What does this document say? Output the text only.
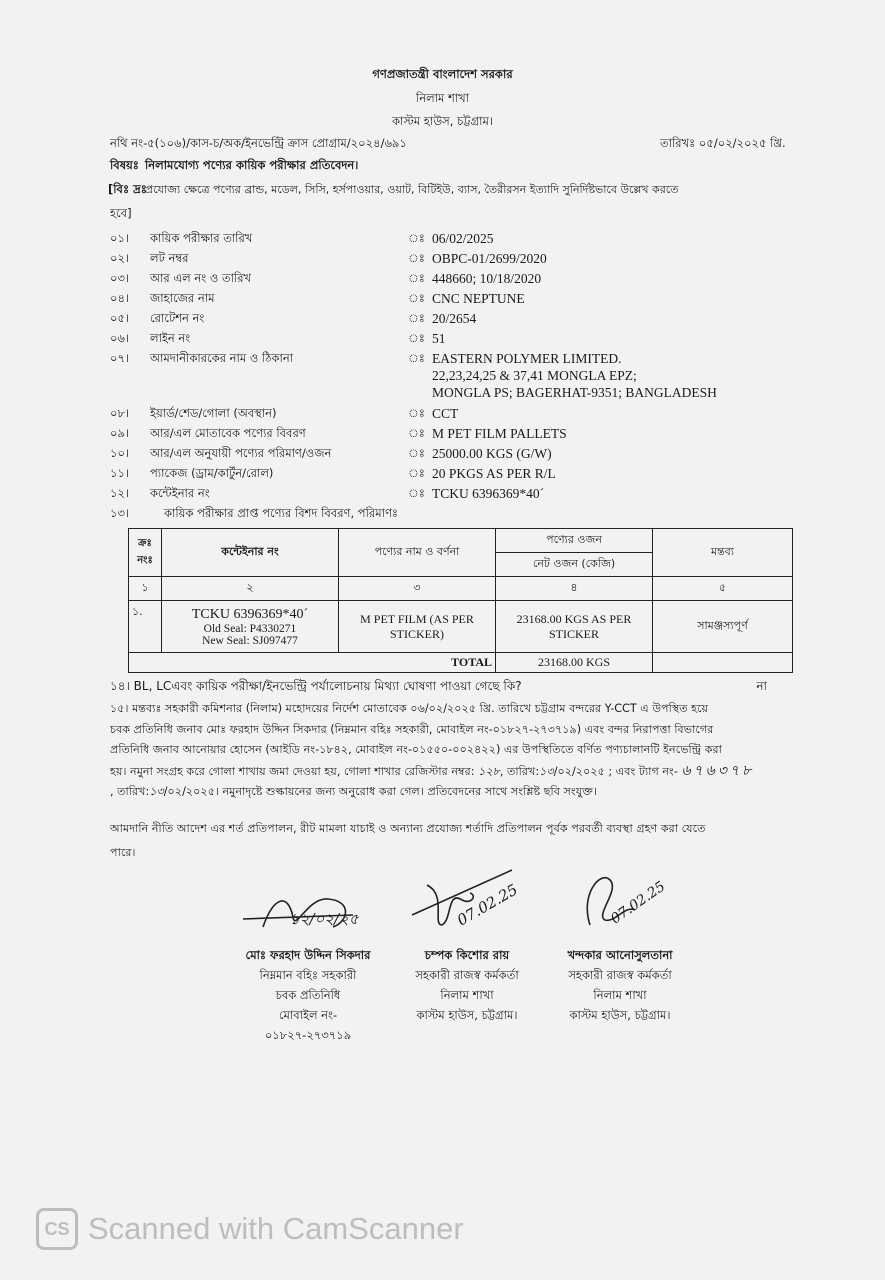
গণপ্রজাতন্ত্রী বাংলাদেশ সরকার
নিলাম শাখা
কাস্টম হাউস, চট্টগ্রাম।
নথি নং-৫(১০৬)/কাস-চ/অক/ইনভেন্ট্রি ক্রাস প্রোগ্রাম/২০২৪/৬৯১	তারিখঃ ০৫/০২/২০২৫ খ্রি.
বিষয়ঃ নিলামযোগ্য পণ্যের কায়িক পরীক্ষার প্রতিবেদন।
[বিঃ দ্রঃ
প্রযোজ্য ক্ষেত্রে পণ্যের ব্রান্ড, মডেল, সিসি, হর্সপাওয়ার, ওয়াট, বিটিইউ, ব্যাস, তৈরীরসন ইত্যাদি সুনির্দিষ্টভাবে উল্লেখ করতে
হবে]
০১। কায়িক পরীক্ষার তারিখ	ঃ 06/02/2025
০২। লট নম্বর	ঃ OBPC-01/2699/2020
০৩। আর এল নং ও তারিখ	ঃ 448660; 10/18/2020
০৪। জাহাজের নাম	ঃ CNC NEPTUNE
০৫। রোটেশন নং	ঃ 20/2654
০৬। লাইন নং	ঃ 51
০৭। আমদানীকারকের নাম ও ঠিকানা	ঃ EASTERN POLYMER LIMITED.
22,23,24,25 & 37,41 MONGLA EPZ;
MONGLA PS; BAGERHAT-9351; BANGLADESH
০৮। ইয়ার্ড/শেড/গোলা (অবস্থান)	ঃ CCT
০৯। আর/এল মোতাবেক পণ্যের বিবরণ	ঃ M PET FILM PALLETS
১০। আর/এল অনুযায়ী পণ্যের পরিমাণ/ওজন	ঃ 25000.00 KGS (G/W)
১১। প্যাকেজ (ড্রাম/কার্টুন/রোল)	ঃ 20 PKGS AS PER R/L
১২। কন্টেইনার নং	ঃ TCKU 6396369*40´
১৩।	কায়িক পরীক্ষার প্রাপ্ত পণ্যের বিশদ বিবরণ, পরিমাণঃ
ক্রঃ নংঃ	কন্টেইনার নং	পণ্যের নাম ও বর্ণনা	পণ্যের ওজন	মন্তব্য
			নেট ওজন (কেজি)	
১	২	৩	৪	৫
১.	TCKU 6396369*40´
Old Seal: P4330271
New Seal: SJ097477	M PET FILM (AS PER STICKER)	23168.00 KGS AS PER STICKER	সামঞ্জস্যপূর্ণ
TOTAL			23168.00 KGS	
১৪। BL, LCএবং কায়িক পরীক্ষা/ইনভেন্ট্রি পর্যালোচনায় মিথ্যা ঘোষণা পাওয়া গেছে কি?	না
১৫। মন্তব্যঃ সহকারী কমিশনার (নিলাম) মহোদয়ের নির্দেশ মোতাবেক ০৬/০২/২০২৫ খ্রি. তারিখে চট্টগ্রাম বন্দরের Y-CCT এ উপস্থিত হয়ে
চবক প্রতিনিধি জনাব মোঃ ফরহাদ উদ্দিন সিকদার (নিম্নমান বহিঃ সহকারী, মোবাইল নং-০১৮২৭-২৭৩৭১৯) এবং বন্দর নিরাপত্তা বিভাগের
প্রতিনিধি জনাব আনোয়ার হোসেন (আইডি নং-১৮৪২, মোবাইল নং-০১৫৫০-০০২৪২২) এর উপস্থিতিতে বর্ণিত পণ্যচালানটি ইনভেন্ট্রি করা
হয়। নমুনা সংগ্রহ করে গোলা শাখায় জমা দেওয়া হয়, গোলা শাখার রেজিস্টার নম্বর: ১২৮, তারিখ:১৩/০২/২০২৫ ; এবং ট্যাগ নং- ৬৭৬৩৭৮
, তারিখ:১৩/০২/২০২৫। নমুনাদৃষ্টে শুল্কায়নের জন্য অনুরোধ করা গেল। প্রতিবেদনের সাথে সংশ্লিষ্ট ছবি সংযুক্ত।
আমদানি নীতি আদেশ এর শর্ত প্রতিপালন, রীট মামলা যাচাই ও অন্যান্য প্রযোজ্য শর্তাদি প্রতিপালন পূর্বক পরবর্তী ব্যবস্থা গ্রহণ করা যেতে
পারে।
১২/০২/২৫
মোঃ ফরহাদ উদ্দিন সিকদার
নিম্নমান বহিঃ সহকারী
চবক প্রতিনিধি
মোবাইল নং-
০১৮২৭-২৭৩৭১৯
07.02.25
চম্পক কিশোর রায়
সহকারী রাজস্ব কর্মকর্তা
নিলাম শাখা
কাস্টম হাউস, চট্টগ্রাম।
07.02.25
খন্দকার আনোসুলতানা
সহকারী রাজস্ব কর্মকর্তা
নিলাম শাখা
কাস্টম হাউস, চট্টগ্রাম।
CS Scanned with CamScanner
